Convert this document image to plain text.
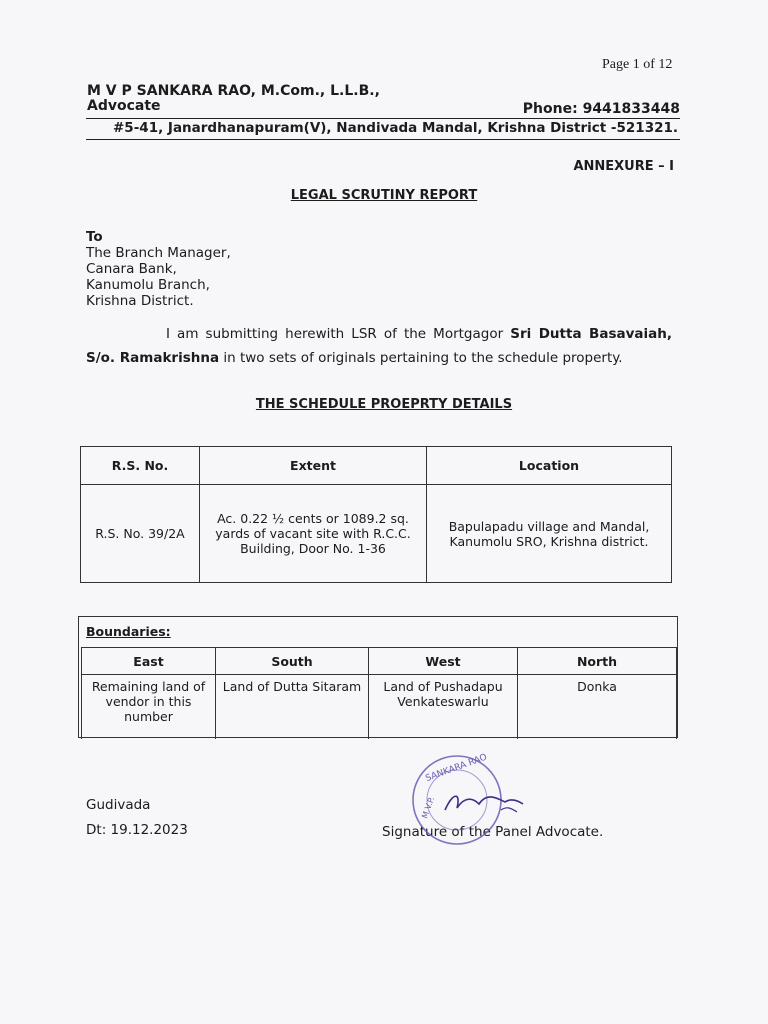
Page 1 of 12
M V P SANKARA RAO, M.Com., L.L.B.,
Advocate	Phone: 9441833448
#5-41, Janardhanapuram(V), Nandivada Mandal, Krishna District -521321.
ANNEXURE – I
LEGAL SCRUTINY REPORT
To
The Branch Manager,
Canara Bank,
Kanumolu Branch,
Krishna District.
I am submitting herewith LSR of the Mortgagor Sri Dutta Basavaiah, S/o. Ramakrishna in two sets of originals pertaining to the schedule property.
THE SCHEDULE PROEPRTY DETAILS
R.S. No.	Extent	Location
R.S. No. 39/2A	Ac. 0.22 ½ cents or 1089.2 sq. yards of vacant site with R.C.C. Building, Door No. 1-36	Bapulapadu village and Mandal, Kanumolu SRO, Krishna district.
Boundaries:
East	South	West	North
Remaining land of vendor in this number	Land of Dutta Sitaram	Land of Pushadapu Venkateswarlu	Donka
Gudivada
Dt: 19.12.2023	Signature of the Panel Advocate.
SANKARA RAO
M.V.P.
